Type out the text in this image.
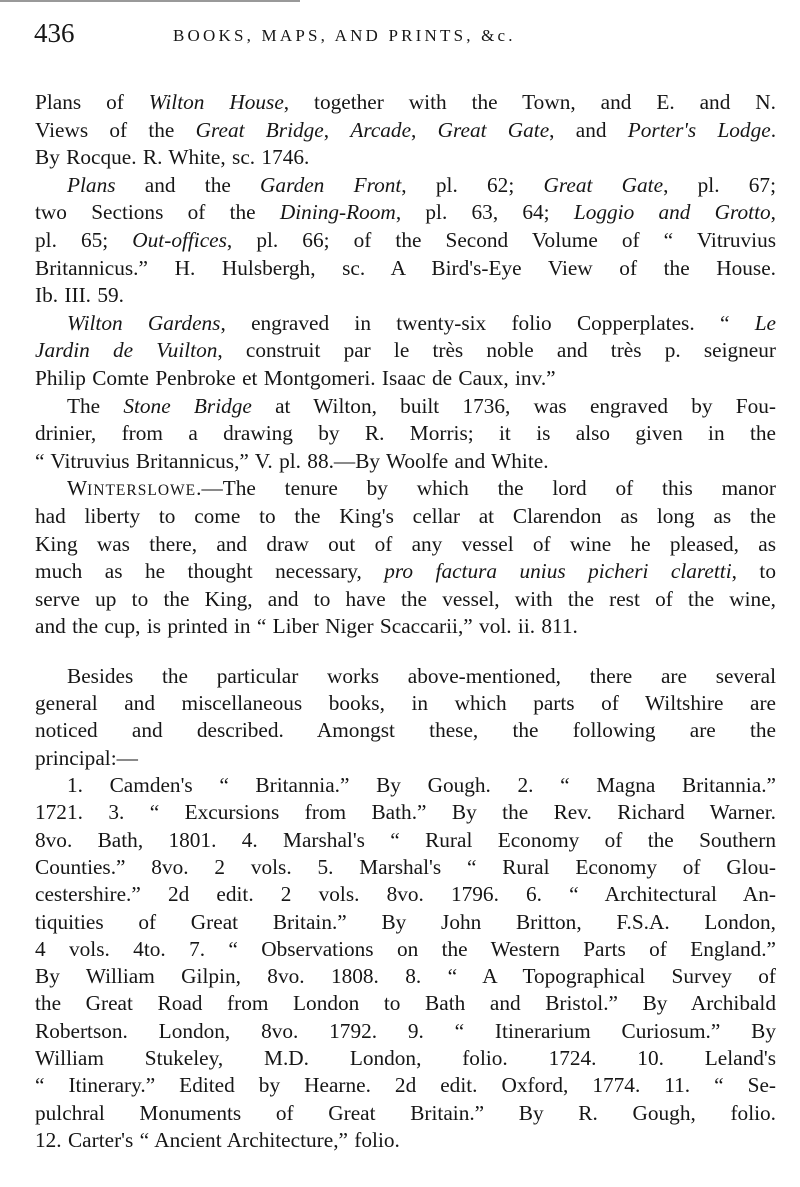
436	BOOKS, MAPS, AND PRINTS, &c.
Plans of Wilton House, together with the Town, and E. and N.
Views of the Great Bridge, Arcade, Great Gate, and Porter's Lodge.
By Rocque. R. White, sc. 1746.
Plans and the Garden Front, pl. 62; Great Gate, pl. 67;
two Sections of the Dining-Room, pl. 63, 64; Loggio and Grotto,
pl. 65; Out-offices, pl. 66; of the Second Volume of “ Vitruvius
Britannicus.” H. Hulsbergh, sc. A Bird's-Eye View of the House.
Ib. III. 59.
Wilton Gardens, engraved in twenty-six folio Copperplates. “ Le
Jardin de Vuilton, construit par le très noble and très p. seigneur
Philip Comte Penbroke et Montgomeri. Isaac de Caux, inv.”
The Stone Bridge at Wilton, built 1736, was engraved by Fou-
drinier, from a drawing by R. Morris; it is also given in the
“ Vitruvius Britannicus,” V. pl. 88.—By Woolfe and White.
WINTERSLOWE.—The tenure by which the lord of this manor
had liberty to come to the King's cellar at Clarendon as long as the
King was there, and draw out of any vessel of wine he pleased, as
much as he thought necessary, pro factura unius picheri claretti, to
serve up to the King, and to have the vessel, with the rest of the wine,
and the cup, is printed in “ Liber Niger Scaccarii,” vol. ii. 811.
Besides the particular works above-mentioned, there are several
general and miscellaneous books, in which parts of Wiltshire are
noticed and described. Amongst these, the following are the
principal:—
1. Camden's “ Britannia.” By Gough. 2. “ Magna Britannia.”
1721. 3. “ Excursions from Bath.” By the Rev. Richard Warner.
8vo. Bath, 1801. 4. Marshal's “ Rural Economy of the Southern
Counties.” 8vo. 2 vols. 5. Marshal's “ Rural Economy of Glou-
cestershire.” 2d edit. 2 vols. 8vo. 1796. 6. “ Architectural An-
tiquities of Great Britain.” By John Britton, F.S.A. London,
4 vols. 4to. 7. “ Observations on the Western Parts of England.”
By William Gilpin, 8vo. 1808. 8. “ A Topographical Survey of
the Great Road from London to Bath and Bristol.” By Archibald
Robertson. London, 8vo. 1792. 9. “ Itinerarium Curiosum.” By
William Stukeley, M.D. London, folio. 1724. 10. Leland's
“ Itinerary.” Edited by Hearne. 2d edit. Oxford, 1774. 11. “ Se-
pulchral Monuments of Great Britain.” By R. Gough, folio.
12. Carter's “ Ancient Architecture,” folio.
